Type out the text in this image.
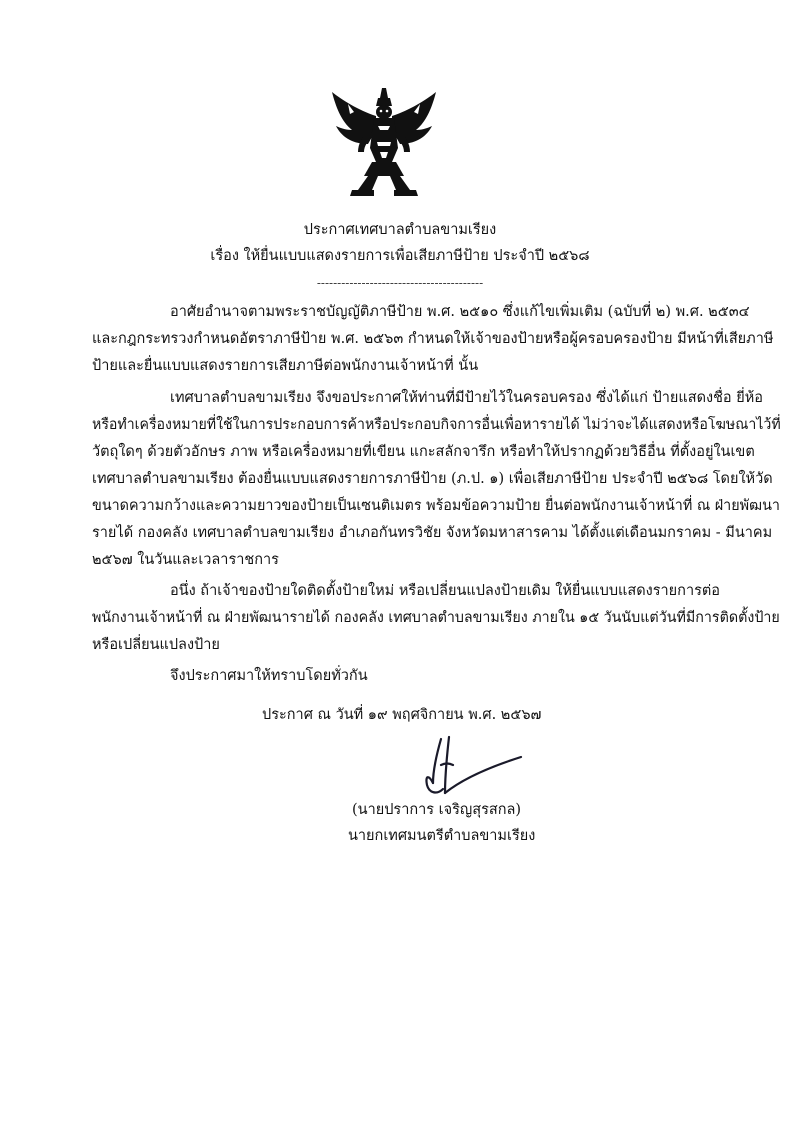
ประกาศเทศบาลตำบลขามเรียง
เรื่อง ให้ยื่นแบบแสดงรายการเพื่อเสียภาษีป้าย ประจำปี ๒๕๖๘
-----------------------------------------
อาศัยอำนาจตามพระราชบัญญัติภาษีป้าย พ.ศ. ๒๕๑๐ ซึ่งแก้ไขเพิ่มเติม (ฉบับที่ ๒) พ.ศ. ๒๕๓๔
และกฎกระทรวงกำหนดอัตราภาษีป้าย พ.ศ. ๒๕๖๓ กำหนดให้เจ้าของป้ายหรือผู้ครอบครองป้าย มีหน้าที่เสียภาษี
ป้ายและยื่นแบบแสดงรายการเสียภาษีต่อพนักงานเจ้าหน้าที่ นั้น
เทศบาลตำบลขามเรียง จึงขอประกาศให้ท่านที่มีป้ายไว้ในครอบครอง ซึ่งได้แก่ ป้ายแสดงชื่อ ยี่ห้อ
หรือทำเครื่องหมายที่ใช้ในการประกอบการค้าหรือประกอบกิจการอื่นเพื่อหารายได้ ไม่ว่าจะได้แสดงหรือโฆษณาไว้ที่
วัตถุใดๆ ด้วยตัวอักษร ภาพ หรือเครื่องหมายที่เขียน แกะสลักจารึก หรือทำให้ปรากฏด้วยวิธีอื่น ที่ตั้งอยู่ในเขต
เทศบาลตำบลขามเรียง ต้องยื่นแบบแสดงรายการภาษีป้าย (ภ.ป. ๑) เพื่อเสียภาษีป้าย ประจำปี ๒๕๖๘ โดยให้วัด
ขนาดความกว้างและความยาวของป้ายเป็นเซนติเมตร พร้อมข้อความป้าย ยื่นต่อพนักงานเจ้าหน้าที่ ณ ฝ่ายพัฒนา
รายได้ กองคลัง เทศบาลตำบลขามเรียง อำเภอกันทรวิชัย จังหวัดมหาสารคาม ได้ตั้งแต่เดือนมกราคม - มีนาคม
๒๕๖๗ ในวันและเวลาราชการ
อนึ่ง ถ้าเจ้าของป้ายใดติดตั้งป้ายใหม่ หรือเปลี่ยนแปลงป้ายเดิม ให้ยื่นแบบแสดงรายการต่อ
พนักงานเจ้าหน้าที่ ณ ฝ่ายพัฒนารายได้ กองคลัง เทศบาลตำบลขามเรียง ภายใน ๑๕ วันนับแต่วันที่มีการติดตั้งป้าย
หรือเปลี่ยนแปลงป้าย
จึงประกาศมาให้ทราบโดยทั่วกัน
ประกาศ ณ วันที่ ๑๙ พฤศจิกายน พ.ศ. ๒๕๖๗
(นายปราการ เจริญสุรสกล)
นายกเทศมนตรีตำบลขามเรียง
